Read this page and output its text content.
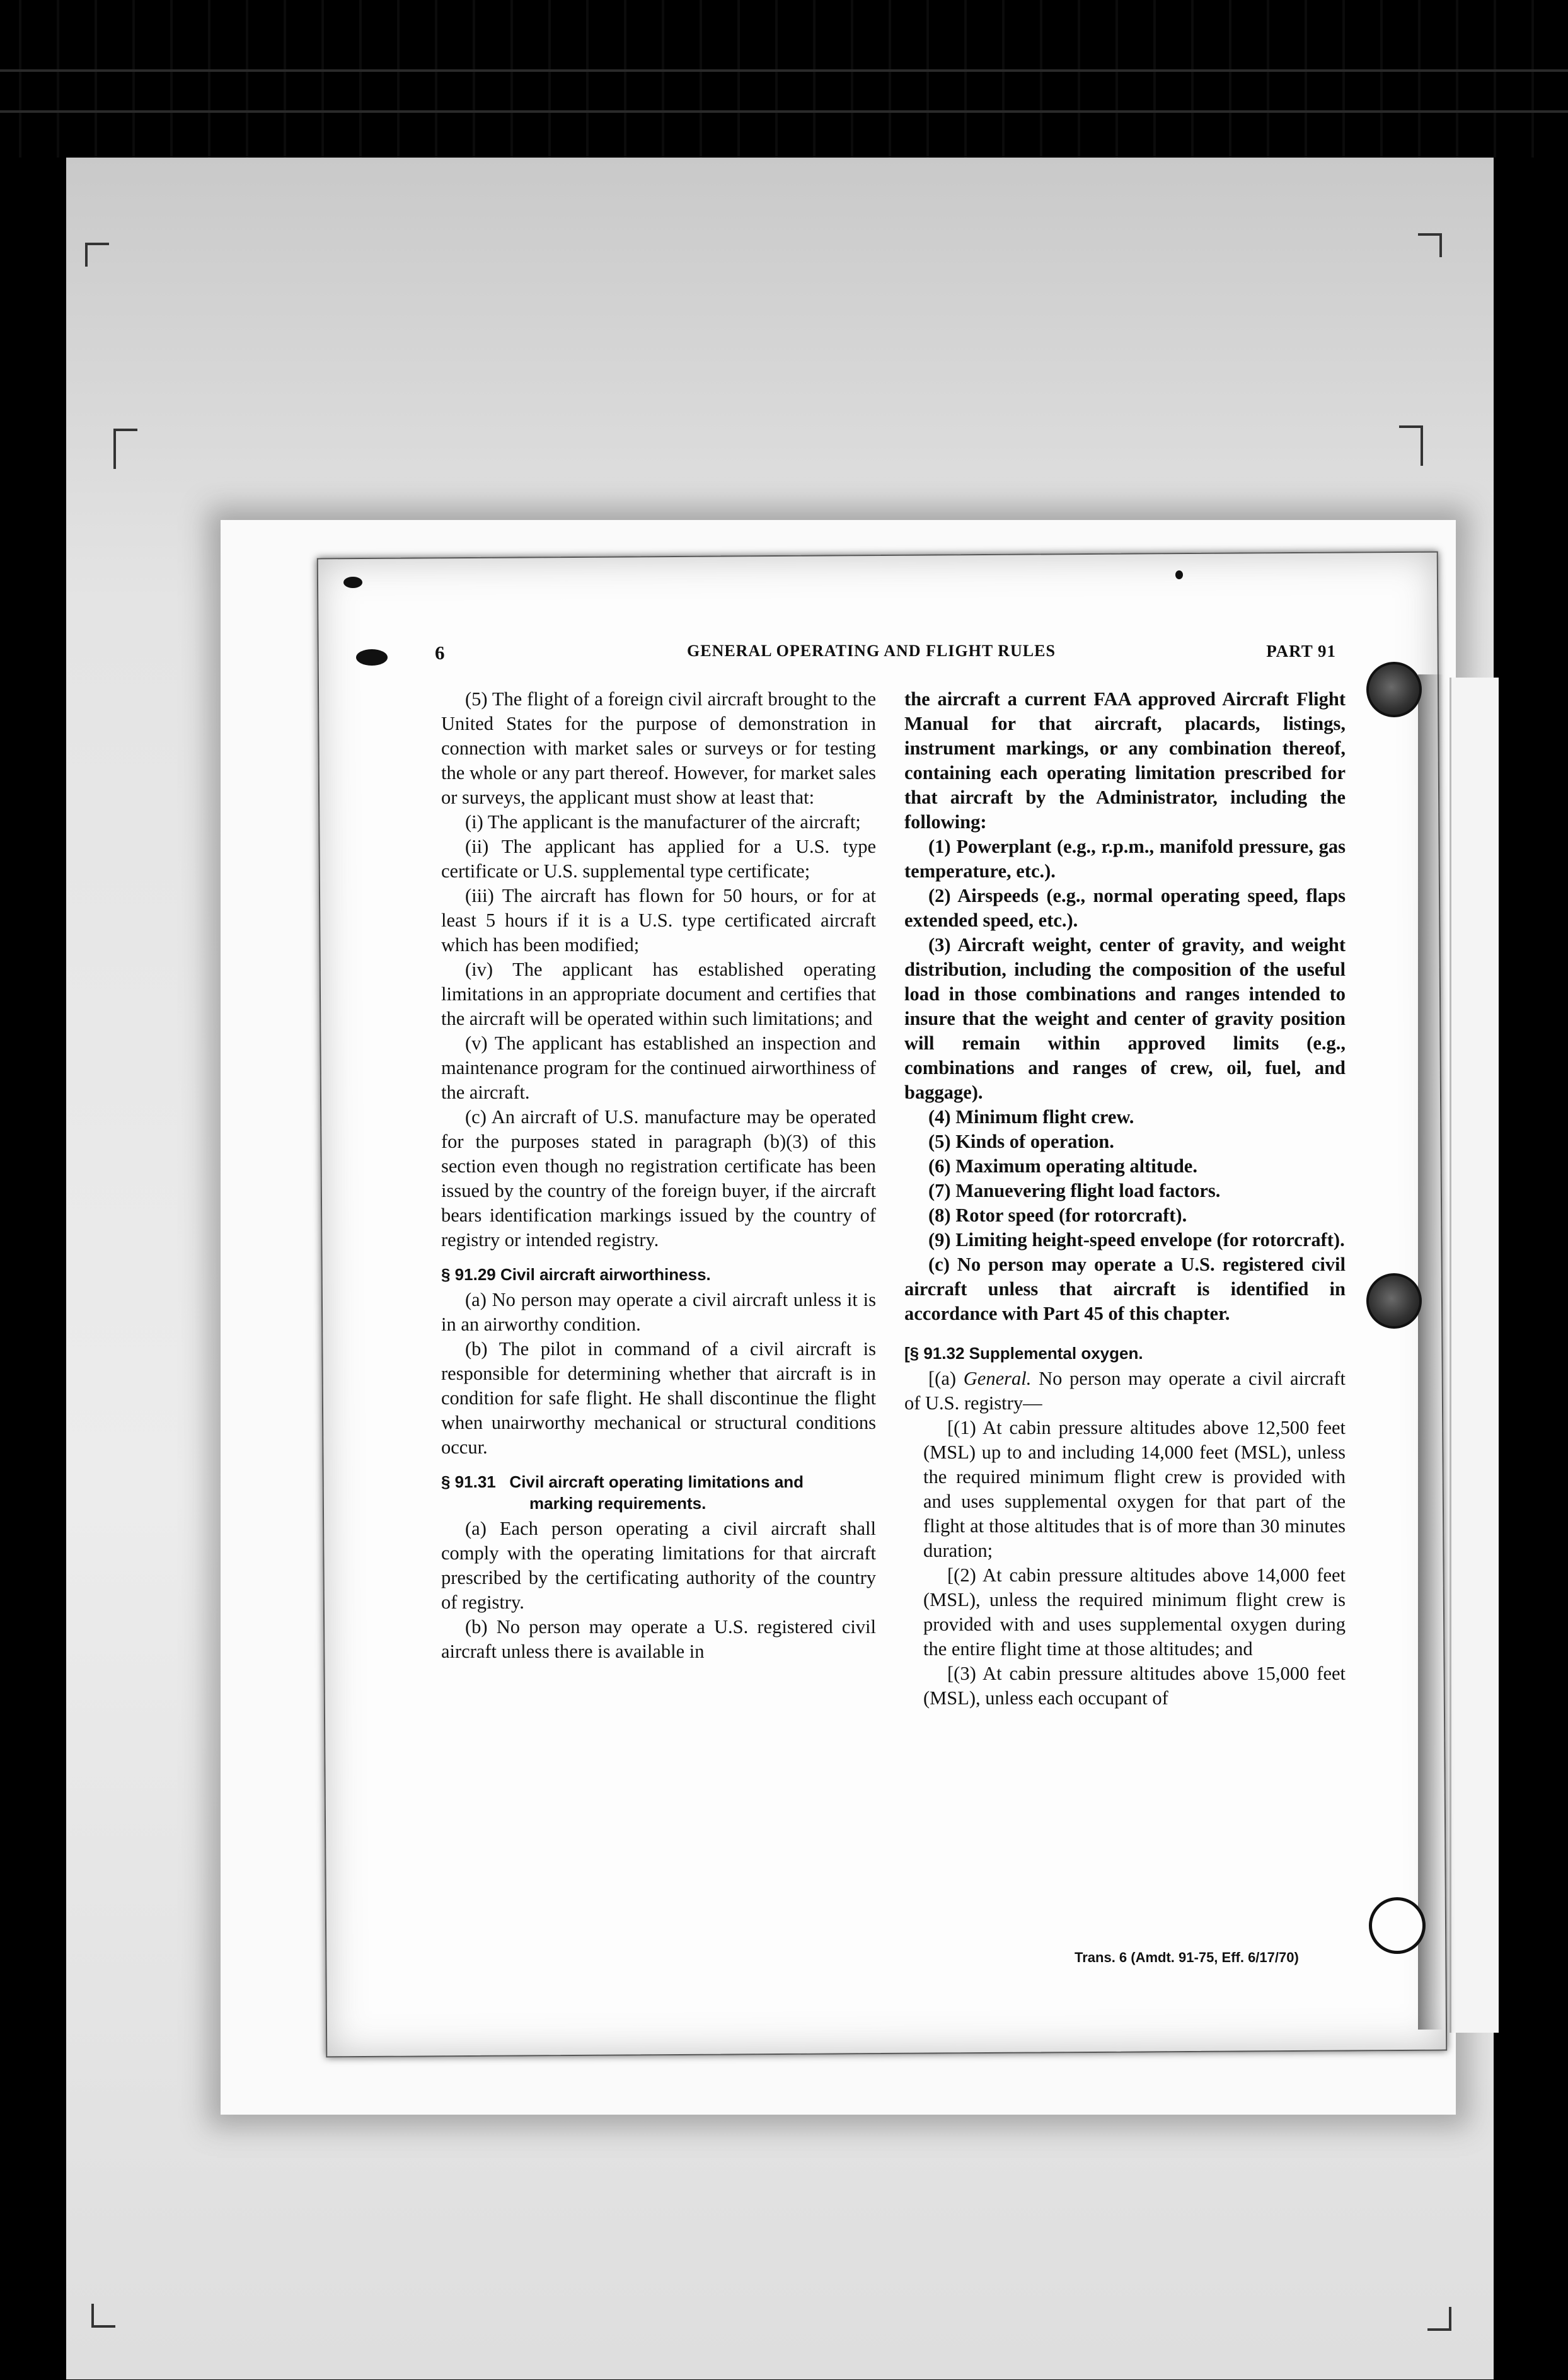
6	GENERAL OPERATING AND FLIGHT RULES	PART 91

(5) The flight of a foreign civil aircraft brought to the United States for the purpose of demonstration in connection with market sales or surveys or for testing the whole or any part thereof. However, for market sales or surveys, the applicant must show at least that:

(i) The applicant is the manufacturer of the aircraft;

(ii) The applicant has applied for a U.S. type certificate or U.S. supplemental type certificate;

(iii) The aircraft has flown for 50 hours, or for at least 5 hours if it is a U.S. type certificated aircraft which has been modified;

(iv) The applicant has established operating limitations in an appropriate document and certifies that the aircraft will be operated within such limitations; and

(v) The applicant has established an inspection and maintenance program for the continued airworthiness of the aircraft.

(c) An aircraft of U.S. manufacture may be operated for the purposes stated in paragraph (b)(3) of this section even though no registration certificate has been issued by the country of the foreign buyer, if the aircraft bears identification markings issued by the country of registry or intended registry.

§ 91.29 Civil aircraft airworthiness.

(a) No person may operate a civil aircraft unless it is in an airworthy condition.

(b) The pilot in command of a civil aircraft is responsible for determining whether that aircraft is in condition for safe flight. He shall discontinue the flight when unairworthy mechanical or structural conditions occur.

§ 91.31 Civil aircraft operating limitations and
marking requirements.

(a) Each person operating a civil aircraft shall comply with the operating limitations for that aircraft prescribed by the certificating authority of the country of registry.

(b) No person may operate a U.S. registered civil aircraft unless there is available in

the aircraft a current FAA approved Aircraft Flight Manual for that aircraft, placards, listings, instrument markings, or any combination thereof, containing each operating limitation prescribed for that aircraft by the Administrator, including the following:

(1) Powerplant (e.g., r.p.m., manifold pressure, gas temperature, etc.).

(2) Airspeeds (e.g., normal operating speed, flaps extended speed, etc.).

(3) Aircraft weight, center of gravity, and weight distribution, including the composition of the useful load in those combinations and ranges intended to insure that the weight and center of gravity position will remain within approved limits (e.g., combinations and ranges of crew, oil, fuel, and baggage).

(4) Minimum flight crew.

(5) Kinds of operation.

(6) Maximum operating altitude.

(7) Manuevering flight load factors.

(8) Rotor speed (for rotorcraft).

(9) Limiting height-speed envelope (for rotorcraft).

(c) No person may operate a U.S. registered civil aircraft unless that aircraft is identified in accordance with Part 45 of this chapter.

[§ 91.32 Supplemental oxygen.

[(a) General. No person may operate a civil aircraft of U.S. registry—

[(1) At cabin pressure altitudes above 12,500 feet (MSL) up to and including 14,000 feet (MSL), unless the required minimum flight crew is provided with and uses supplemental oxygen for that part of the flight at those altitudes that is of more than 30 minutes duration;

[(2) At cabin pressure altitudes above 14,000 feet (MSL), unless the required minimum flight crew is provided with and uses supplemental oxygen during the entire flight time at those altitudes; and

[(3) At cabin pressure altitudes above 15,000 feet (MSL), unless each occupant of

Trans. 6 (Amdt. 91-75, Eff. 6/17/70)
